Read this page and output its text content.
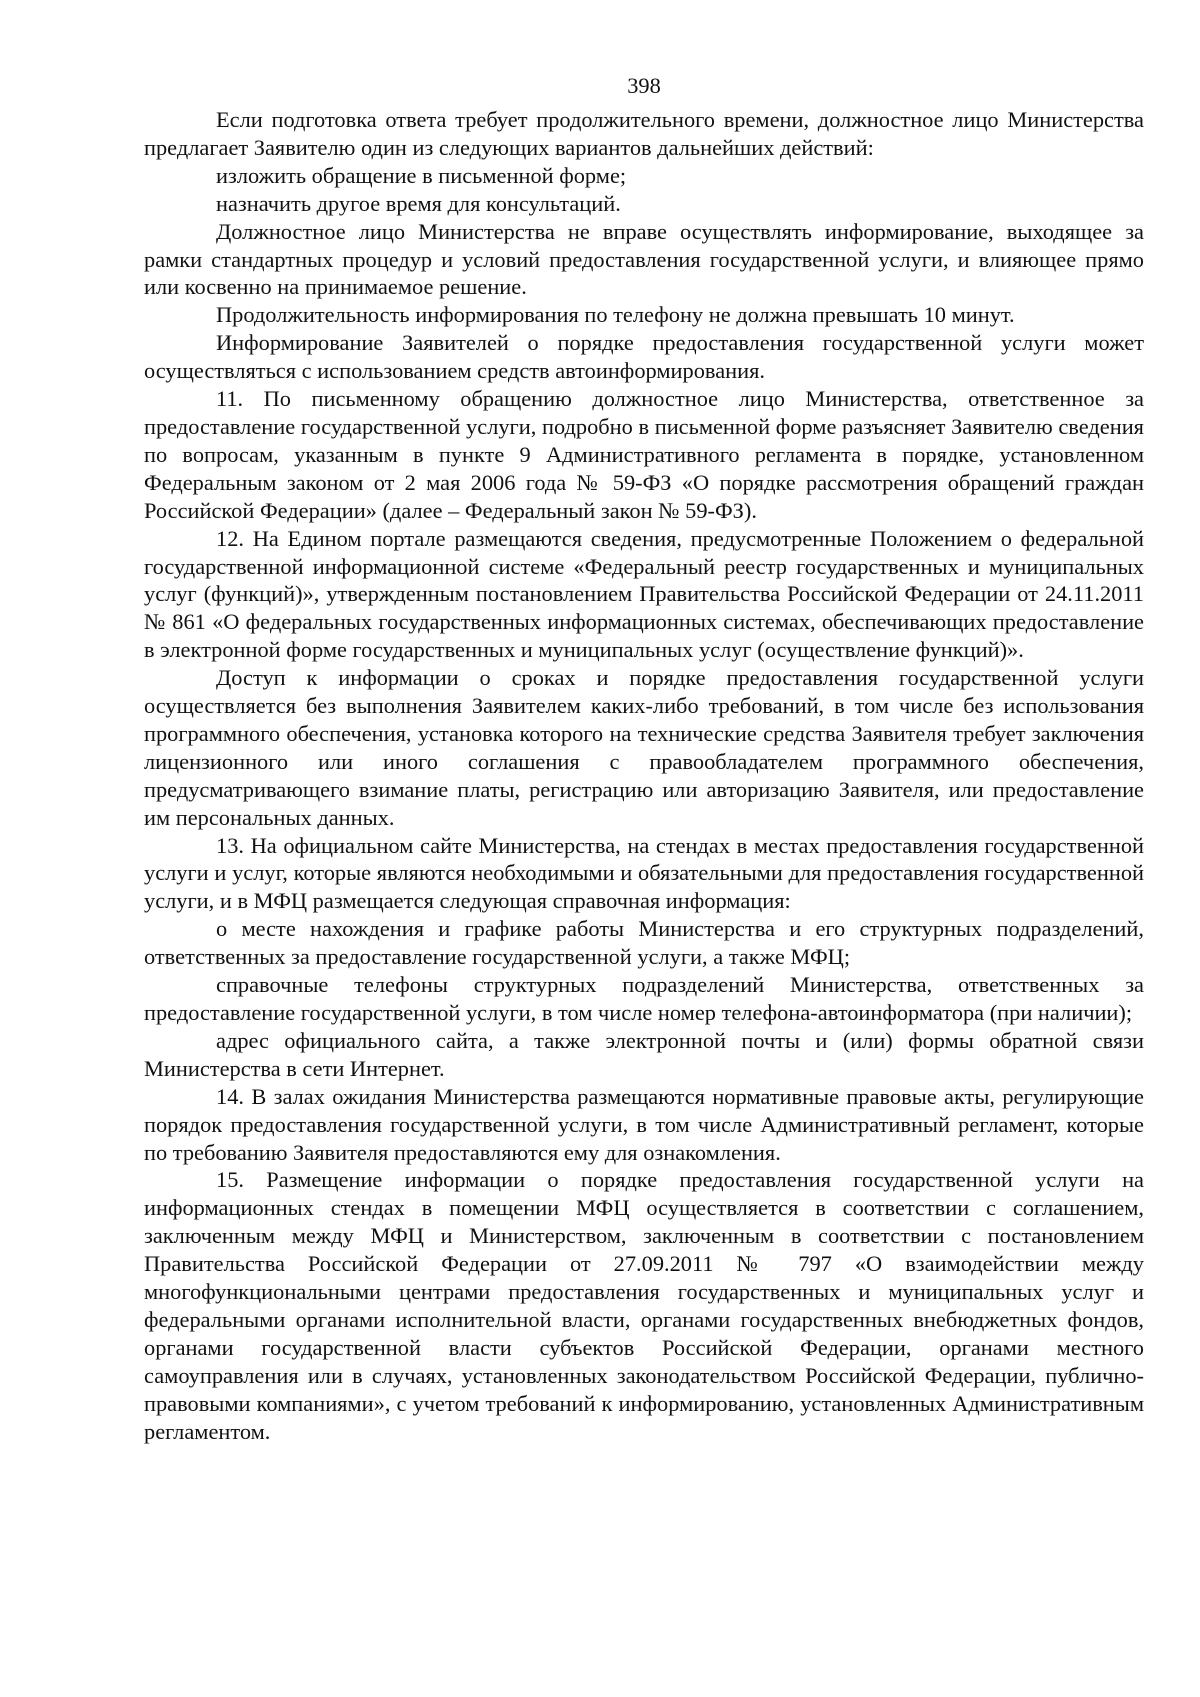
398

Если подготовка ответа требует продолжительного времени, должностное лицо Министерства предлагает Заявителю один из следующих вариантов дальнейших действий:

изложить обращение в письменной форме;

назначить другое время для консультаций.

Должностное лицо Министерства не вправе осуществлять информирование, выходящее за рамки стандартных процедур и условий предоставления государственной услуги, и влияющее прямо или косвенно на принимаемое решение.

Продолжительность информирования по телефону не должна превышать 10 минут.

Информирование Заявителей о порядке предоставления государственной услуги может осуществляться с использованием средств автоинформирования.

11. По письменному обращению должностное лицо Министерства, ответственное за предоставление государственной услуги, подробно в письменной форме разъясняет Заявителю сведения по вопросам, указанным в пункте 9 Административного регламента в порядке, установленном Федеральным законом от 2 мая 2006 года № 59-ФЗ «О порядке рассмотрения обращений граждан Российской Федерации» (далее – Федеральный закон № 59-ФЗ).

12. На Едином портале размещаются сведения, предусмотренные Положением о федеральной государственной информационной системе «Федеральный реестр государственных и муниципальных услуг (функций)», утвержденным постановлением Правительства Российской Федерации от 24.11.2011 № 861 «О федеральных государственных информационных системах, обеспечивающих предоставление в электронной форме государственных и муниципальных услуг (осуществление функций)».

Доступ к информации о сроках и порядке предоставления государственной услуги осуществляется без выполнения Заявителем каких-либо требований, в том числе без использования программного обеспечения, установка которого на технические средства Заявителя требует заключения лицензионного или иного соглашения с правообладателем программного обеспечения, предусматривающего взимание платы, регистрацию или авторизацию Заявителя, или предоставление им персональных данных.

13. На официальном сайте Министерства, на стендах в местах предоставления государственной услуги и услуг, которые являются необходимыми и обязательными для предоставления государственной услуги, и в МФЦ размещается следующая справочная информация:

о месте нахождения и графике работы Министерства и его структурных подразделений, ответственных за предоставление государственной услуги, а также МФЦ;

справочные телефоны структурных подразделений Министерства, ответственных за предоставление государственной услуги, в том числе номер телефона-автоинформатора (при наличии);

адрес официального сайта, а также электронной почты и (или) формы обратной связи Министерства в сети Интернет.

14. В залах ожидания Министерства размещаются нормативные правовые акты, регулирующие порядок предоставления государственной услуги, в том числе Административный регламент, которые по требованию Заявителя предоставляются ему для ознакомления.

15. Размещение информации о порядке предоставления государственной услуги на информационных стендах в помещении МФЦ осуществляется в соответствии с соглашением, заключенным между МФЦ и Министерством, заключенным в соответствии с постановлением Правительства Российской Федерации от 27.09.2011 № 797 «О взаимодействии между многофункциональными центрами предоставления государственных и муниципальных услуг и федеральными органами исполнительной власти, органами государственных внебюджетных фондов, органами государственной власти субъектов Российской Федерации, органами местного самоуправления или в случаях, установленных законодательством Российской Федерации, публично-правовыми компаниями», с учетом требований к информированию, установленных Административным регламентом.
